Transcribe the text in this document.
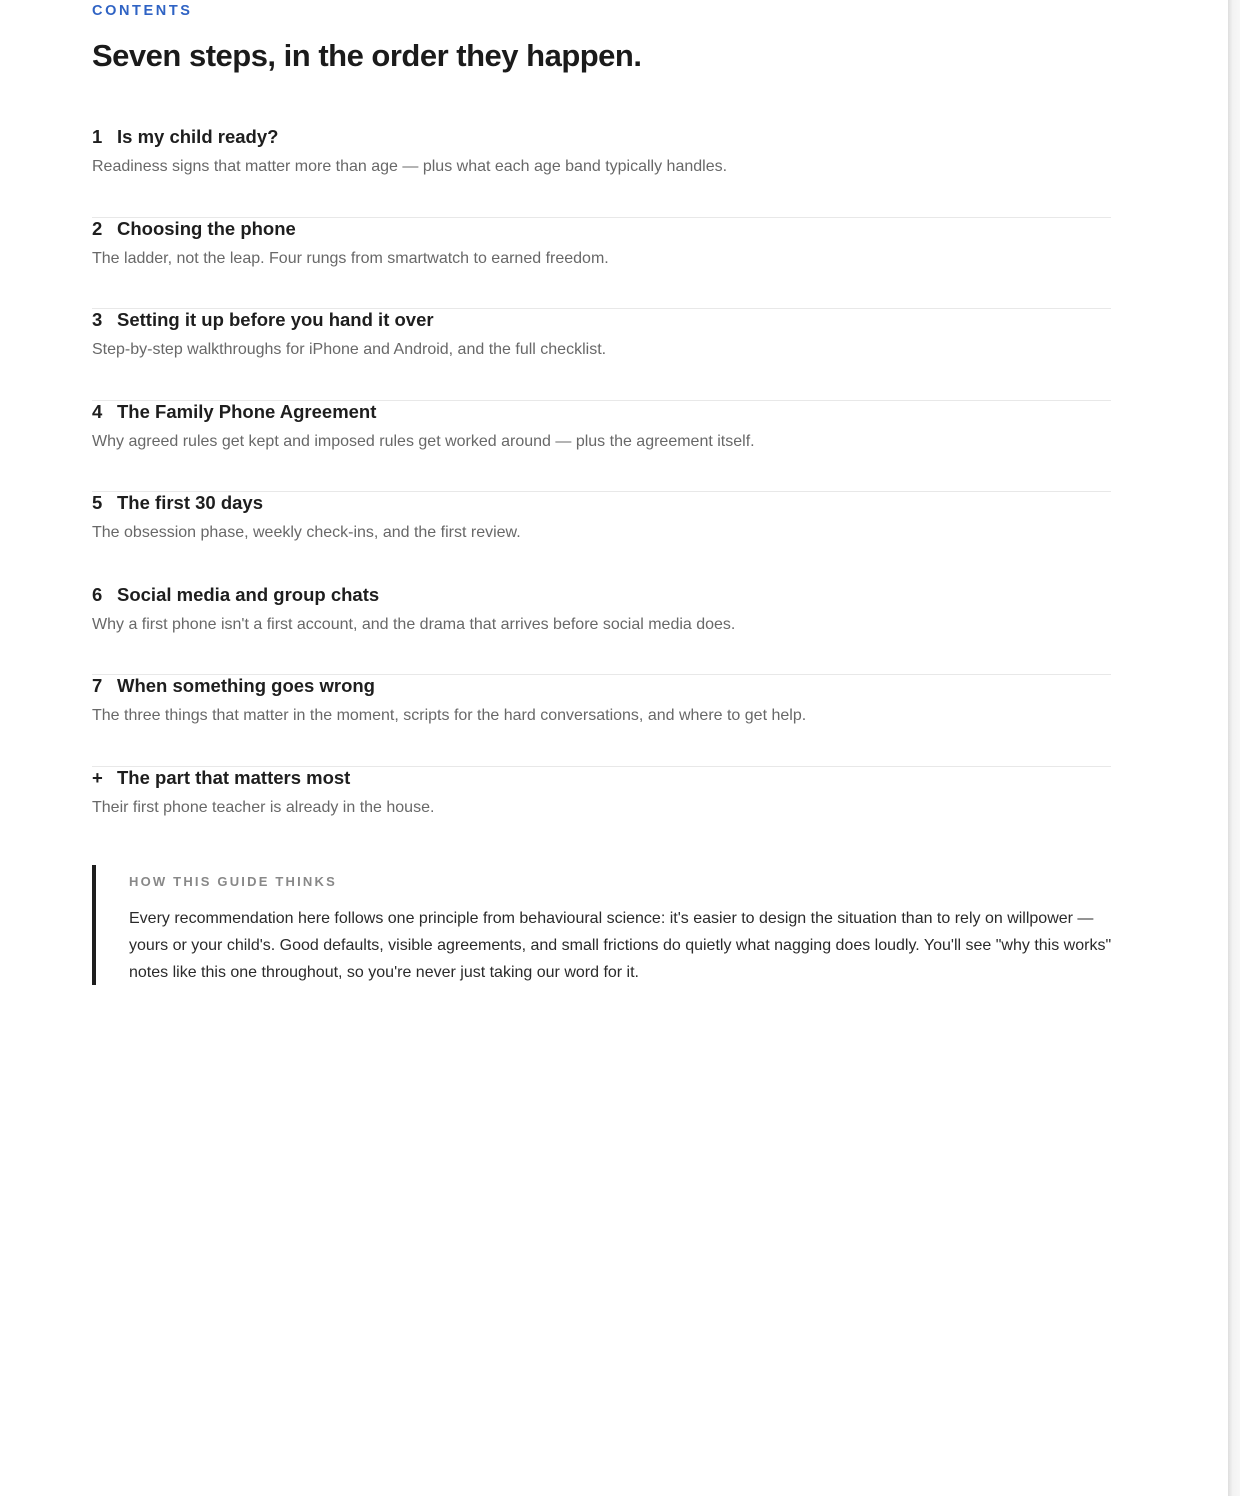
CONTENTS

Seven steps, in the order they happen.
1 Is my child ready?
Readiness signs that matter more than age — plus what each age band typically handles.
2 Choosing the phone
The ladder, not the leap. Four rungs from smartwatch to earned freedom.
3 Setting it up before you hand it over
Step-by-step walkthroughs for iPhone and Android, and the full checklist.
4 The Family Phone Agreement
Why agreed rules get kept and imposed rules get worked around — plus the agreement itself.
5 The first 30 days
The obsession phase, weekly check-ins, and the first review.
6 Social media and group chats
Why a first phone isn't a first account, and the drama that arrives before social media does.
7 When something goes wrong
The three things that matter in the moment, scripts for the hard conversations, and where to get help.
+ The part that matters most
Their first phone teacher is already in the house.

HOW THIS GUIDE THINKS

Every recommendation here follows one principle from behavioural science: it's easier to design the situation than to rely on willpower — yours or your child's. Good defaults, visible agreements, and small frictions do quietly what nagging does loudly. You'll see "why this works" notes like this one throughout, so you're never just taking our word for it.
